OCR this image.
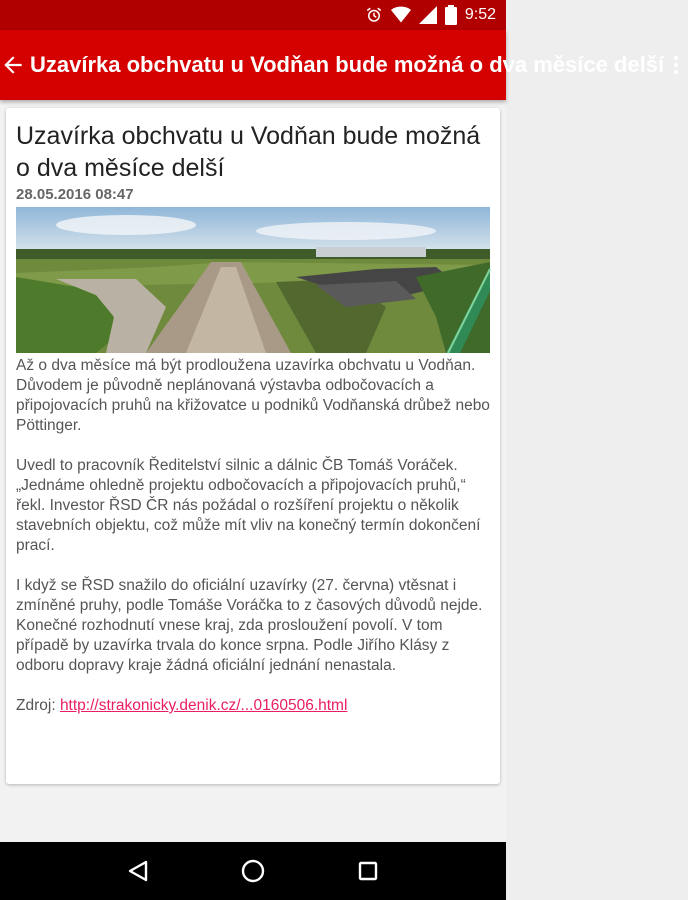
9:52
Uzavírka obchvatu u Vodňan bude možná o dva měsíce delší
Uzavírka obchvatu u Vodňan bude možná o dva měsíce delší
28.05.2016 08:47

Až o dva měsíce má být prodloužena uzavírka obchvatu u Vodňan. Důvodem je původně neplánovaná výstavba odbočovacích a připojovacích pruhů na křižovatce u podniků Vodňanská drůbež nebo Pöttinger.

Uvedl to pracovník Ředitelství silnic a dálnic ČB Tomáš Voráček. „Jednáme ohledně projektu odbočovacích a připojovacích pruhů,“ řekl. Investor ŘSD ČR nás požádal o rozšíření projektu o několik stavebních objektu, což může mít vliv na konečný termín dokončení prací.

I když se ŘSD snažilo do oficiální uzavírky (27. června) vtěsnat i zmíněné pruhy, podle Tomáše Voráčka to z časových důvodů nejde. Konečné rozhodnutí vnese kraj, zda prosloužení povolí. V tom případě by uzavírka trvala do konce srpna. Podle Jiřího Klásy z odboru dopravy kraje žádná oficiální jednání nenastala.

Zdroj: http://strakonicky.denik.cz/...0160506.html
